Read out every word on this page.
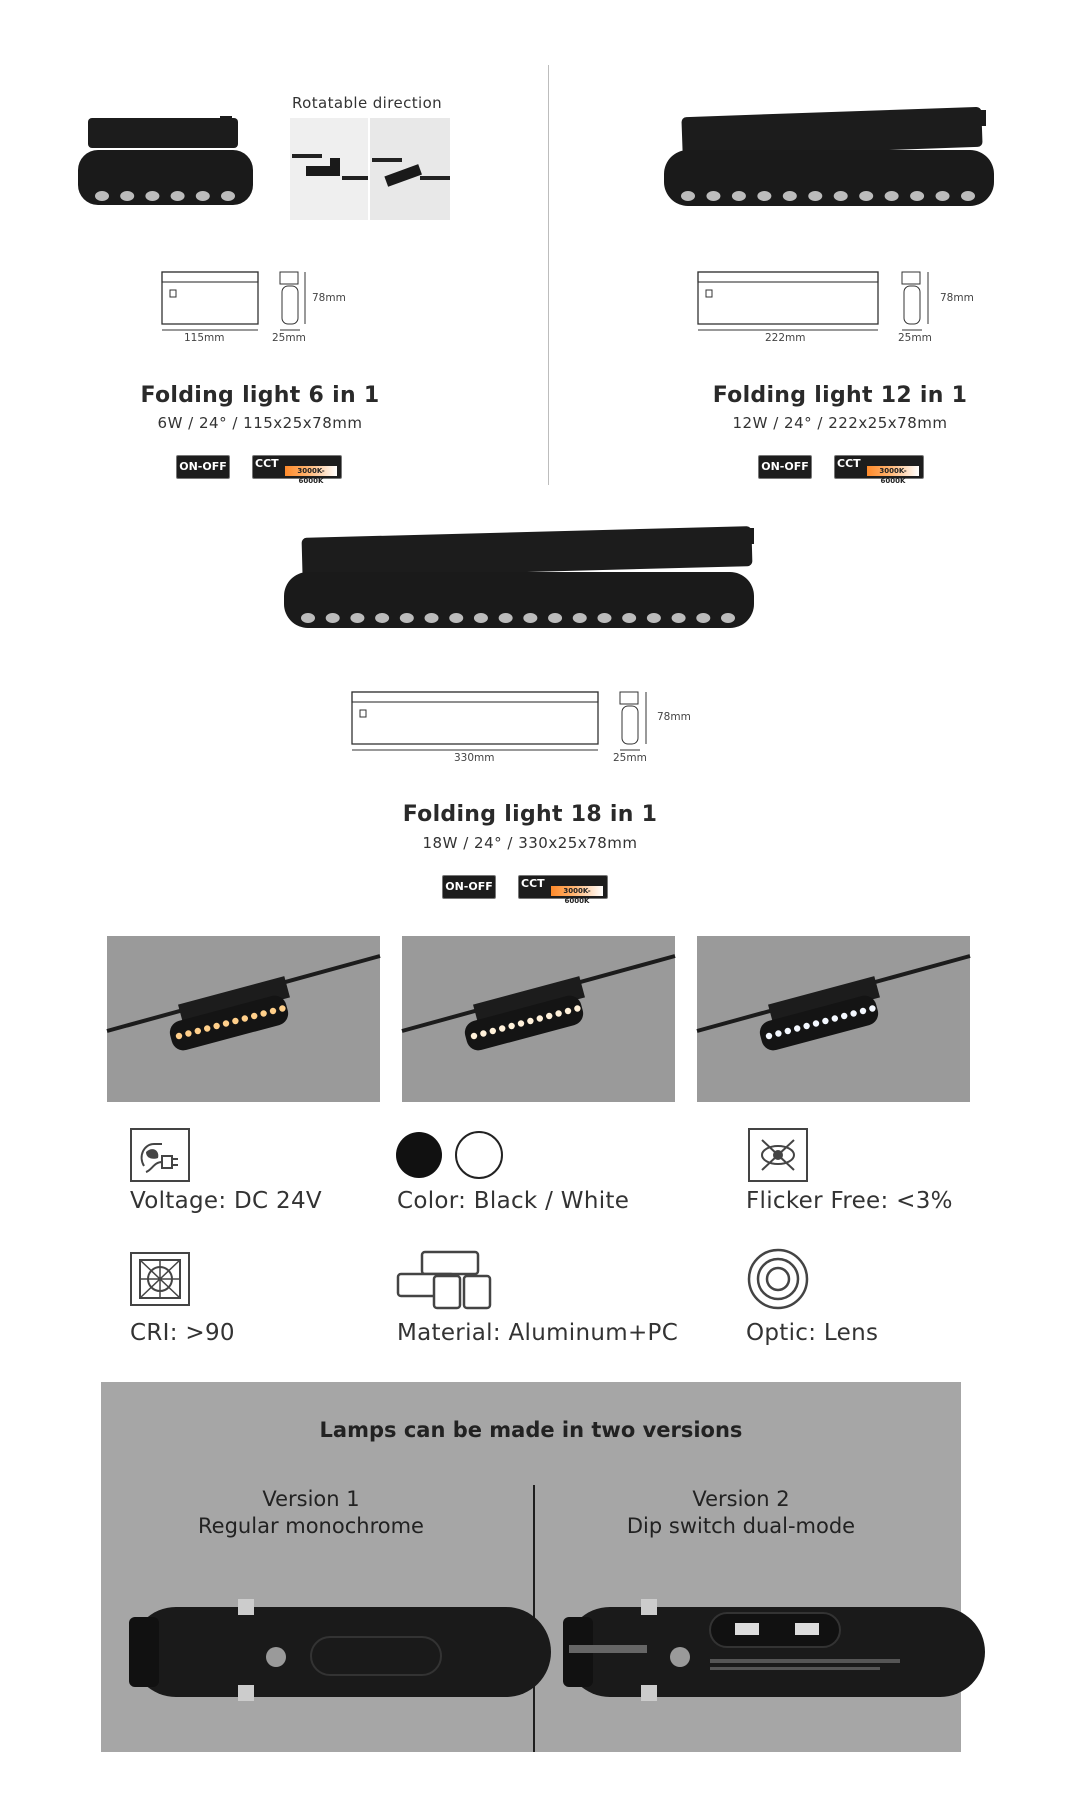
Rotatable direction
115mm	25mm
78mm
Folding light 6 in 1
6W / 24° / 115x25x78mm
ON-OFF	CCT
3000K-6000K
222mm	25mm
78mm
Folding light 12 in 1
12W / 24° / 222x25x78mm
ON-OFF	CCT
3000K-6000K
330mm	25mm
78mm
Folding light 18 in 1
18W / 24° / 330x25x78mm
ON-OFF	CCT
3000K-6000K
Voltage: DC 24V	Color: Black / White	Flicker Free: <3%
CRI: >90	Material: Aluminum+PC	Optic: Lens
Lamps can be made in two versions
Version 1
Regular monochrome
Version 2
Dip switch dual-mode
